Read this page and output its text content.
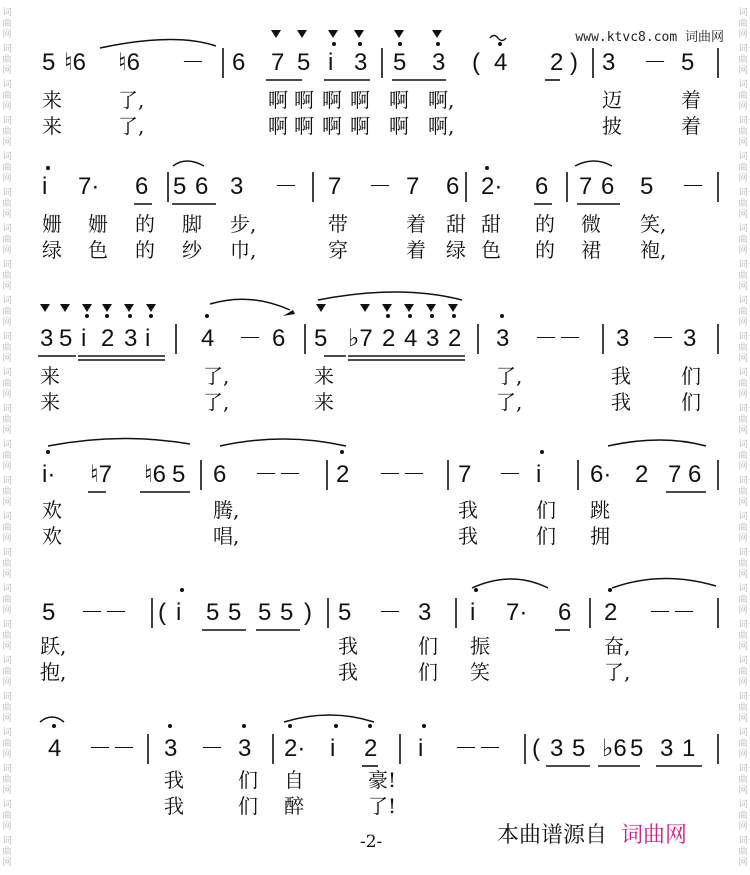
词
曲
网
词
曲
网
词
曲
网
词
曲
网
词
曲
网
词
曲
网
词
曲
网
词
曲
网
词
曲
网
词
曲
网
词
曲
网
词
曲
网
词
曲
网
词
曲
网
词
曲
网
词
曲
网
词
曲
网
词
曲
网
词
曲
网
词
曲
网
词
曲
网
词
曲
网
词
曲
网
词
曲
网
词
曲
网
词
曲
网
词
曲
网
词
曲
网
词
曲
网
词
曲
网
词
曲
网
词
曲
网
词
曲
网
词
曲
网
词
曲
网
词
曲
网
词
曲
网
词
曲
网
词
曲
网
词
曲
网
词
曲
网
词
曲
网
词
曲
网
词
曲
网
词
曲
网
词
曲
网
词
曲
网
词
曲
网
www.ktvc8.com 词曲网
5 ♮6 ♮6 － 6 7 5 i 3 5 3 ( 4 2 ) 3 － 5
来	了,	啊 啊 啊 啊 啊 啊,	迈	着
来	了,	啊 啊 啊 啊 啊 啊,	披	着
i 7· 6 5 6 3 － 7 － 7 6 2· 6 7 6 5 －
姗 姗 的 脚 步,	带	着 甜 甜 的 微 笑,
绿 色 的 纱 巾,	穿	着 绿 色 的 裙 袍,
3 5 i 2 3 i 4 － 6 5 ♭7 2 4 3 2 3 －－ 3 － 3
来	了,	来	了,	我	们
来	了,	来	了,	我	们
i· ♮7 ♮6 5 6 －－ 2 －－ 7 － i 6· 2 7 6
欢	腾,	我	们 跳
欢	唱,	我	们 拥
5 －－ ( i 5 5 5 5 ) 5 － 3 i 7· 6 2 －－
跃,	我	们 振	奋,
抱,	我	们 笑	了,
4 －－ 3 － 3 2· i 2 i －－ ( 3 5 ♭6 5 3 1
我	们 自	豪!
我	们 醉	了!
-2-	本曲谱源自 词曲网
